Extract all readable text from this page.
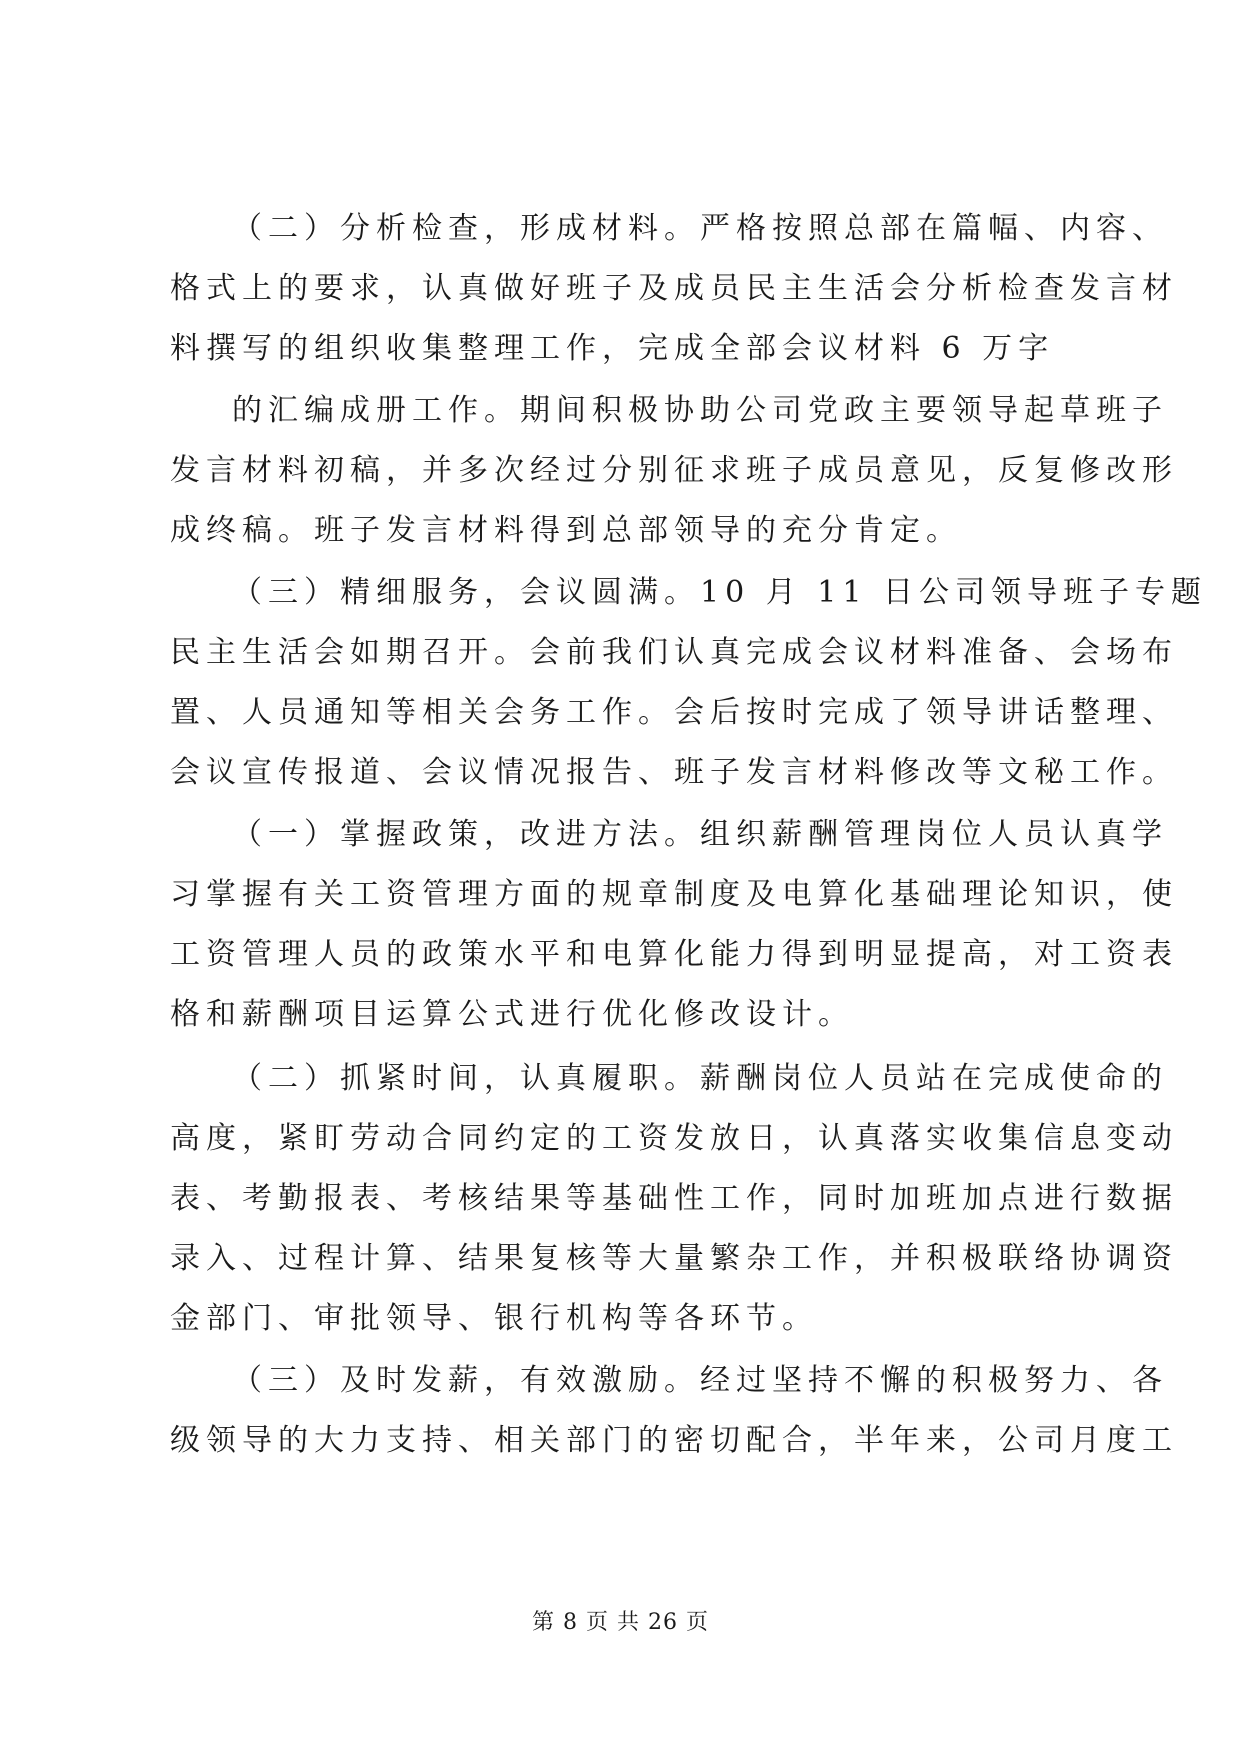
（二）分析检查，形成材料。严格按照总部在篇幅、内容、
格式上的要求，认真做好班子及成员民主生活会分析检查发言材
料撰写的组织收集整理工作，完成全部会议材料 6 万字
的汇编成册工作。期间积极协助公司党政主要领导起草班子
发言材料初稿，并多次经过分别征求班子成员意见，反复修改形
成终稿。班子发言材料得到总部领导的充分肯定。
（三）精细服务，会议圆满。10 月 11 日公司领导班子专题
民主生活会如期召开。会前我们认真完成会议材料准备、会场布
置、人员通知等相关会务工作。会后按时完成了领导讲话整理、
会议宣传报道、会议情况报告、班子发言材料修改等文秘工作。
（一）掌握政策，改进方法。组织薪酬管理岗位人员认真学
习掌握有关工资管理方面的规章制度及电算化基础理论知识，使
工资管理人员的政策水平和电算化能力得到明显提高，对工资表
格和薪酬项目运算公式进行优化修改设计。
（二）抓紧时间，认真履职。薪酬岗位人员站在完成使命的
高度，紧盯劳动合同约定的工资发放日，认真落实收集信息变动
表、考勤报表、考核结果等基础性工作，同时加班加点进行数据
录入、过程计算、结果复核等大量繁杂工作，并积极联络协调资
金部门、审批领导、银行机构等各环节。
（三）及时发薪，有效激励。经过坚持不懈的积极努力、各
级领导的大力支持、相关部门的密切配合，半年来，公司月度工
第 8 页 共 26 页
